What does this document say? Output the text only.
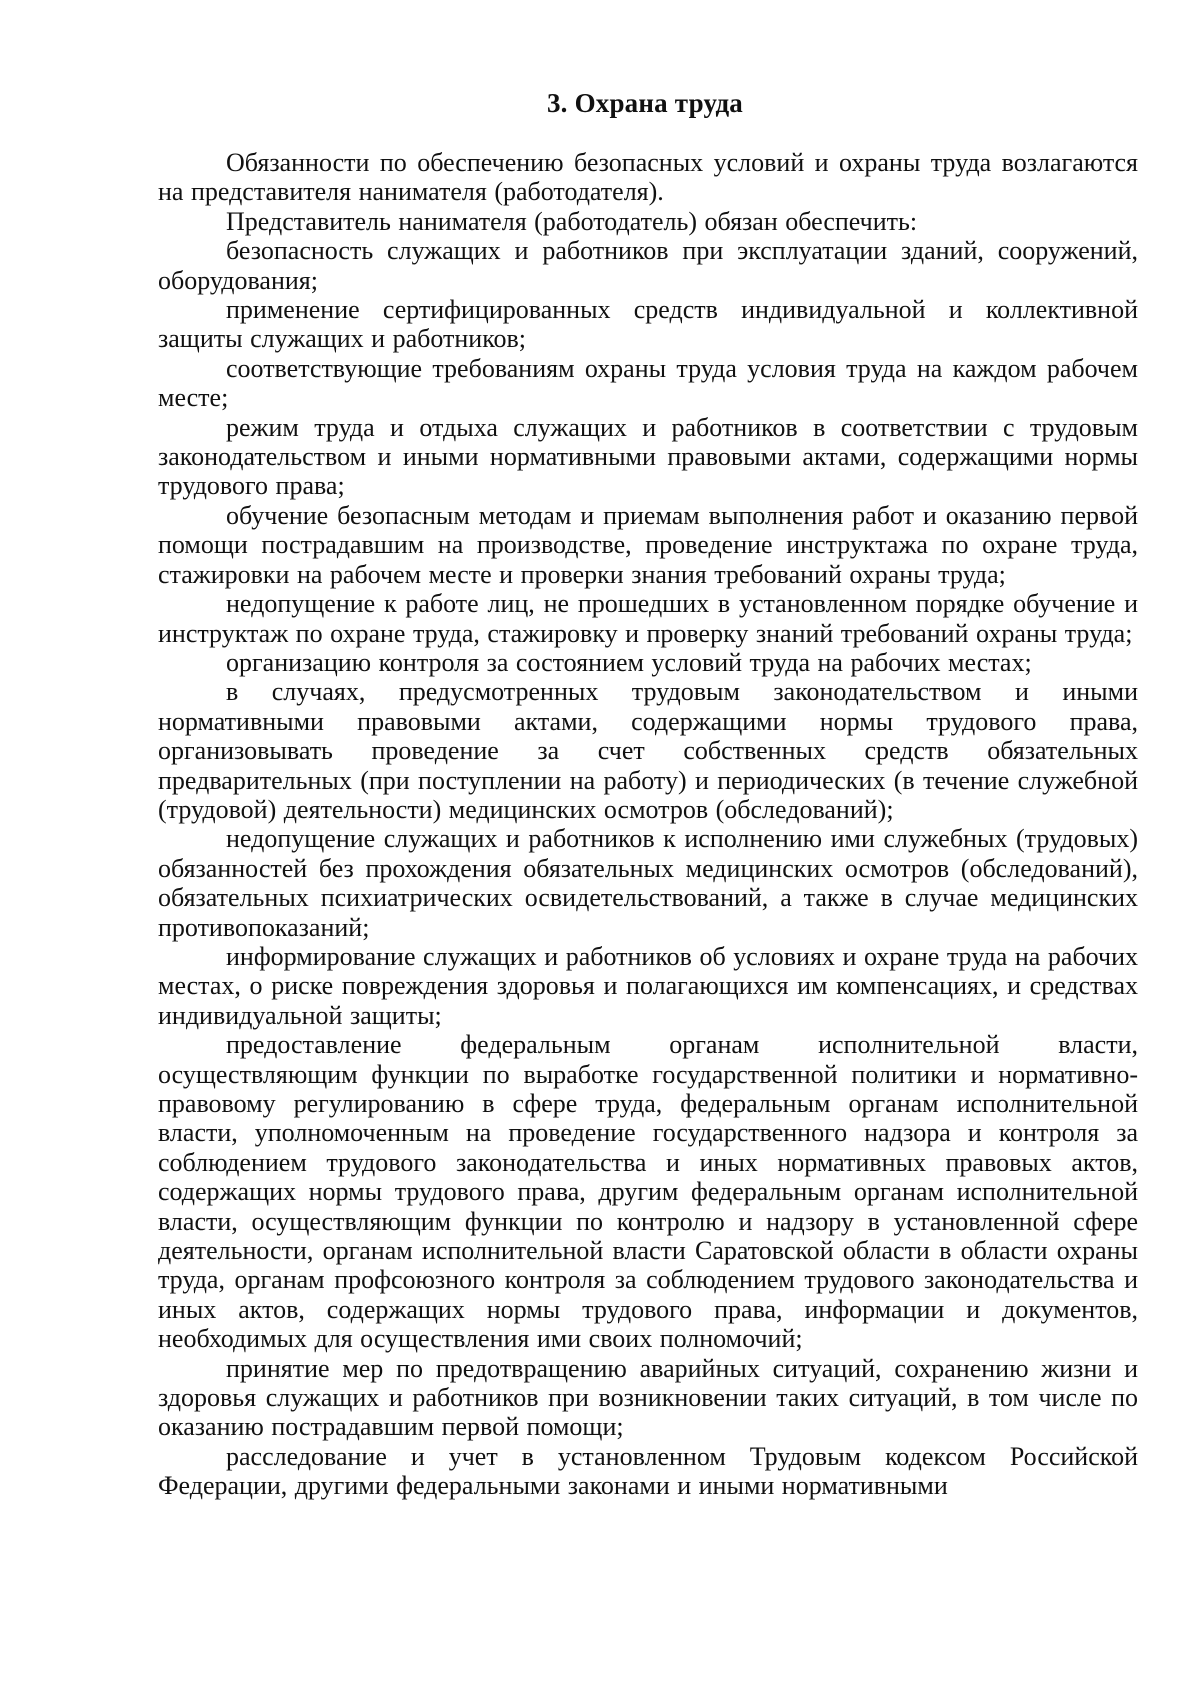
3. Охрана труда

Обязанности по обеспечению безопасных условий и охраны труда возлагаются на представителя нанимателя (работодателя).

Представитель нанимателя (работодатель) обязан обеспечить:

безопасность служащих и работников при эксплуатации зданий, сооружений, оборудования;

применение сертифицированных средств индивидуальной и коллективной защиты служащих и работников;

соответствующие требованиям охраны труда условия труда на каждом рабочем месте;

режим труда и отдыха служащих и работников в соответствии с трудовым законодательством и иными нормативными правовыми актами, содержащими нормы трудового права;

обучение безопасным методам и приемам выполнения работ и оказанию первой помощи пострадавшим на производстве, проведение инструктажа по охране труда, стажировки на рабочем месте и проверки знания требований охраны труда;

недопущение к работе лиц, не прошедших в установленном порядке обучение и инструктаж по охране труда, стажировку и проверку знаний требований охраны труда;

организацию контроля за состоянием условий труда на рабочих местах;

в случаях, предусмотренных трудовым законодательством и иными нормативными правовыми актами, содержащими нормы трудового права, организовывать проведение за счет собственных средств обязательных предварительных (при поступлении на работу) и периодических (в течение служебной (трудовой) деятельности) медицинских осмотров (обследований);

недопущение служащих и работников к исполнению ими служебных (трудовых) обязанностей без прохождения обязательных медицинских осмотров (обследований), обязательных психиатрических освидетельствований, а также в случае медицинских противопоказаний;

информирование служащих и работников об условиях и охране труда на рабочих местах, о риске повреждения здоровья и полагающихся им компенсациях, и средствах индивидуальной защиты;

предоставление федеральным органам исполнительной власти, осуществляющим функции по выработке государственной политики и нормативно-правовому регулированию в сфере труда, федеральным органам исполнительной власти, уполномоченным на проведение государственного надзора и контроля за соблюдением трудового законодательства и иных нормативных правовых актов, содержащих нормы трудового права, другим федеральным органам исполнительной власти, осуществляющим функции по контролю и надзору в установленной сфере деятельности, органам исполнительной власти Саратовской области в области охраны труда, органам профсоюзного контроля за соблюдением трудового законодательства и иных актов, содержащих нормы трудового права, информации и документов, необходимых для осуществления ими своих полномочий;

принятие мер по предотвращению аварийных ситуаций, сохранению жизни и здоровья служащих и работников при возникновении таких ситуаций, в том числе по оказанию пострадавшим первой помощи;

расследование и учет в установленном Трудовым кодексом Российской Федерации, другими федеральными законами и иными нормативными
